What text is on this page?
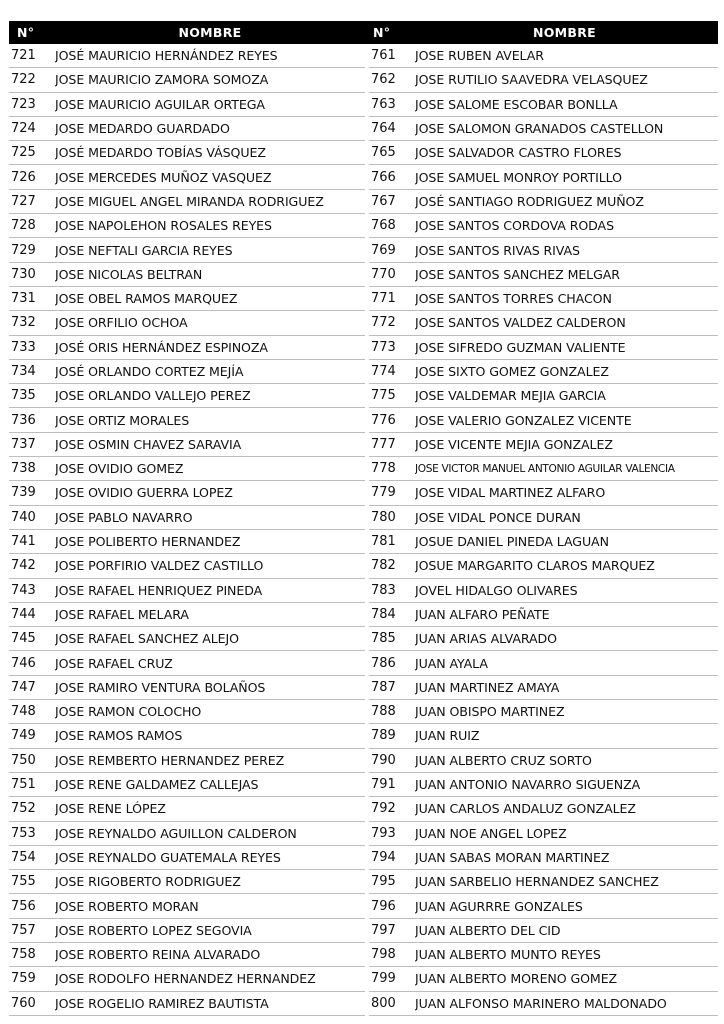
N°	NOMBRE	N°	NOMBRE
721	JOSÉ MAURICIO HERNÁNDEZ REYES
722	JOSE MAURICIO ZAMORA SOMOZA
723	JOSE MAURICIO AGUILAR ORTEGA
724	JOSE MEDARDO GUARDADO
725	JOSÉ MEDARDO TOBÍAS VÁSQUEZ
726	JOSE MERCEDES MUÑOZ VASQUEZ
727	JOSE MIGUEL ANGEL MIRANDA RODRIGUEZ
728	JOSE NAPOLEHON ROSALES REYES
729	JOSE NEFTALI GARCIA REYES
730	JOSE NICOLAS BELTRAN
731	JOSE OBEL RAMOS MARQUEZ
732	JOSE ORFILIO OCHOA
733	JOSÉ ORIS HERNÁNDEZ ESPINOZA
734	JOSÉ ORLANDO CORTEZ MEJÍA
735	JOSE ORLANDO VALLEJO PEREZ
736	JOSE ORTIZ MORALES
737	JOSE OSMIN CHAVEZ SARAVIA
738	JOSE OVIDIO GOMEZ
739	JOSE OVIDIO GUERRA LOPEZ
740	JOSE PABLO NAVARRO
741	JOSE POLIBERTO HERNANDEZ
742	JOSE PORFIRIO VALDEZ CASTILLO
743	JOSE RAFAEL HENRIQUEZ PINEDA
744	JOSE RAFAEL MELARA
745	JOSE RAFAEL SANCHEZ ALEJO
746	JOSE RAFAEL CRUZ
747	JOSE RAMIRO VENTURA BOLAÑOS
748	JOSE RAMON COLOCHO
749	JOSE RAMOS RAMOS
750	JOSE REMBERTO HERNANDEZ PEREZ
751	JOSE RENE GALDAMEZ CALLEJAS
752	JOSE RENE LÓPEZ
753	JOSE REYNALDO AGUILLON CALDERON
754	JOSE REYNALDO GUATEMALA REYES
755	JOSE RIGOBERTO RODRIGUEZ
756	JOSE ROBERTO MORAN
757	JOSE ROBERTO LOPEZ SEGOVIA
758	JOSE ROBERTO REINA ALVARADO
759	JOSE RODOLFO HERNANDEZ HERNANDEZ
760	JOSE ROGELIO RAMIREZ BAUTISTA
761	JOSE RUBEN AVELAR
762	JOSE RUTILIO SAAVEDRA VELASQUEZ
763	JOSE SALOME ESCOBAR BONLLA
764	JOSE SALOMON GRANADOS CASTELLON
765	JOSE SALVADOR CASTRO FLORES
766	JOSE SAMUEL MONROY PORTILLO
767	JOSÉ SANTIAGO RODRIGUEZ MUÑOZ
768	JOSE SANTOS CORDOVA RODAS
769	JOSE SANTOS RIVAS RIVAS
770	JOSE SANTOS SANCHEZ MELGAR
771	JOSE SANTOS TORRES CHACON
772	JOSE SANTOS VALDEZ CALDERON
773	JOSE SIFREDO GUZMAN VALIENTE
774	JOSE SIXTO GOMEZ GONZALEZ
775	JOSE VALDEMAR MEJIA GARCIA
776	JOSE VALERIO GONZALEZ VICENTE
777	JOSE VICENTE MEJIA GONZALEZ
778	JOSE VICTOR MANUEL ANTONIO AGUILAR VALENCIA
779	JOSE VIDAL MARTINEZ ALFARO
780	JOSE VIDAL PONCE DURAN
781	JOSUE DANIEL PINEDA LAGUAN
782	JOSUE MARGARITO CLAROS MARQUEZ
783	JOVEL HIDALGO OLIVARES
784	JUAN ALFARO PEÑATE
785	JUAN ARIAS ALVARADO
786	JUAN AYALA
787	JUAN MARTINEZ AMAYA
788	JUAN OBISPO MARTINEZ
789	JUAN RUIZ
790	JUAN ALBERTO CRUZ SORTO
791	JUAN ANTONIO NAVARRO SIGUENZA
792	JUAN CARLOS ANDALUZ GONZALEZ
793	JUAN NOE ANGEL LOPEZ
794	JUAN SABAS MORAN MARTINEZ
795	JUAN SARBELIO HERNANDEZ SANCHEZ
796	JUAN AGURRRE GONZALES
797	JUAN ALBERTO DEL CID
798	JUAN ALBERTO MUNTO REYES
799	JUAN ALBERTO MORENO GOMEZ
800	JUAN ALFONSO MARINERO MALDONADO
